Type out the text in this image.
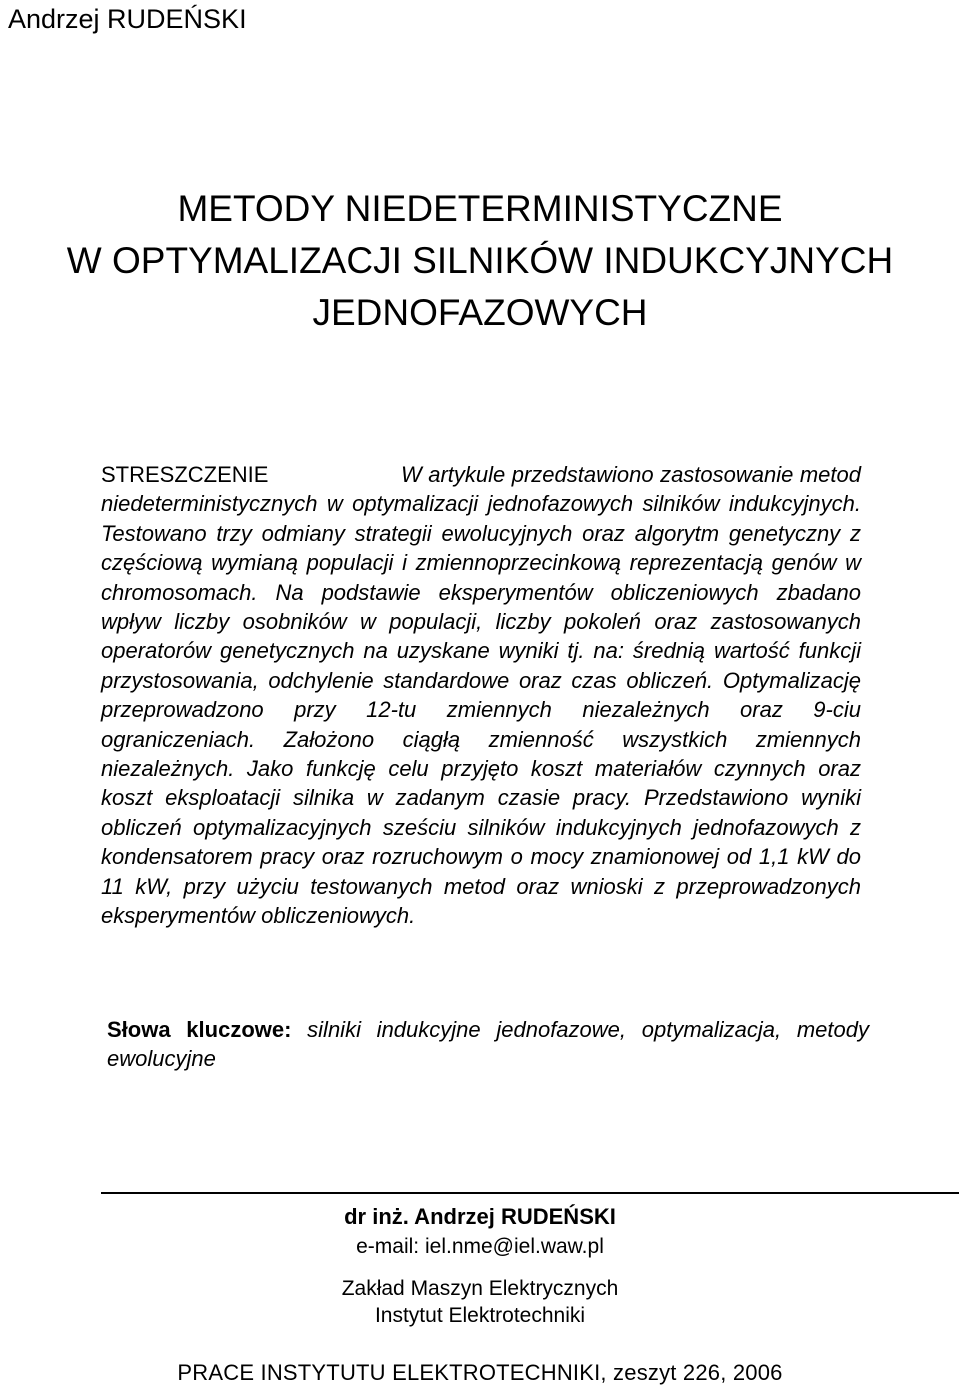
Andrzej RUDEŃSKI
METODY NIEDETERMINISTYCZNE
W OPTYMALIZACJI SILNIKÓW INDUKCYJNYCH
JEDNOFAZOWYCH
STRESZCZENIE	W artykule przedstawiono zastosowanie metod niedeterministycznych w optymalizacji jednofazowych silników indukcyjnych. Testowano trzy odmiany strategii ewolucyjnych oraz algorytm genetyczny z częściową wymianą populacji i zmiennoprzecinkową reprezentacją genów w chromosomach. Na podstawie eksperymentów obliczeniowych zbadano wpływ liczby osobników w populacji, liczby pokoleń oraz zastosowanych operatorów genetycznych na uzyskane wyniki tj. na: średnią wartość funkcji przystosowania, odchylenie standardowe oraz czas obliczeń. Optymalizację przeprowadzono przy 12-tu zmiennych niezależnych oraz 9-ciu ograniczeniach. Założono ciągłą zmienność wszystkich zmiennych niezależnych. Jako funkcję celu przyjęto koszt materiałów czynnych oraz koszt eksploatacji silnika w zadanym czasie pracy. Przedstawiono wyniki obliczeń optymalizacyjnych sześciu silników indukcyjnych jednofazowych z kondensatorem pracy oraz rozruchowym o mocy znamionowej od 1,1 kW do 11 kW, przy użyciu testowanych metod oraz wnioski z przeprowadzonych eksperymentów obliczeniowych.
Słowa kluczowe: silniki indukcyjne jednofazowe, optymalizacja, metody ewolucyjne
dr inż. Andrzej RUDEŃSKI
e-mail: iel.nme@iel.waw.pl
Zakład Maszyn Elektrycznych
Instytut Elektrotechniki
PRACE INSTYTUTU ELEKTROTECHNIKI, zeszyt 226, 2006
